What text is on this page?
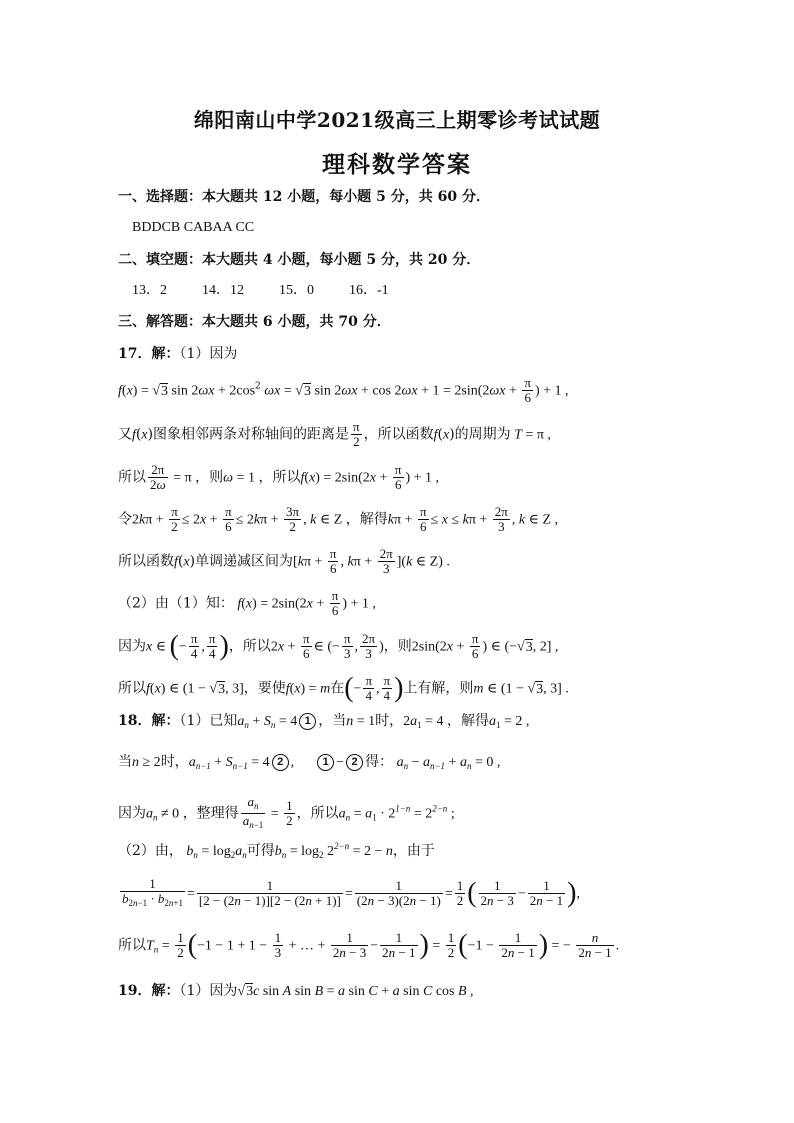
绵阳南山中学2021级高三上期零诊考试试题
理科数学答案
一、选择题：本大题共 12 小题，每小题 5 分，共 60 分．
BDDCB CABAA CC
二、填空题：本大题共 4 小题，每小题 5 分，共 20 分．
13．2          14．12          15．0          16．-1
三、解答题：本大题共 6 小题，共 70 分．
17．解：（1）因为
f(x) = √3 $\sin 2\omega x + 2\cos^2$ ωx = √3 $\sin 2\omega x + \cos 2\omega x + 1 = 2\sin(2\omega x + \frac{\pi}{6}$ ) + 1 ,
又f(x)图象相邻两条对称轴间的距离是 $\frac{\pi}{2}$ ，所以函数f(x)的周期为 T = π ,
所以 $\frac{2\pi}{2\omega} = \pi$ ，则ω = 1 ，所以$f(x) = 2\sin(2x + \frac{\pi}{6}$ ) + 1 ,
令$2k\pi + \frac{\pi}{2} \le 2x + \frac{\pi}{6} \le 2k\pi + \frac{3\pi}{2}$ , k ∈ Z ，解得$k\pi + \frac{\pi}{6} \le x \le k\pi + \frac{2\pi}{3}$ , k ∈ Z ,
所以函数f(x)单调递减区间为[$k\pi + \frac{\pi}{6}$ , $k\pi + \frac{2\pi}{3} ](k$ ∈ Z) .
（2）由（1）知： $f(x) = 2\sin(2x + \frac{\pi}{6}$ ) + 1 ,
因为x ∈ (− $\frac{\pi}{4}$ , $\frac{\pi}{4}$ )，所以$2x + \frac{\pi}{6}$ ∈ (− $\frac{\pi}{3}$ , $\frac{2\pi}{3}$ )，则$2\sin(2x + \frac{\pi}{6}$ ) ∈ (−√3, 2] ,
所以f(x) ∈ (1 − √3, 3]，要使f(x) = m在(− $\frac{\pi}{4}$ , $\frac{\pi}{4}$ )上有解，则m ∈ (1 − √3, 3] .
18．解：（1）已知$a_n + S_n = 4$ 1 ，当n = 1时，$2a_1 = 4$ ，解得$a_1 = 2$ ,
当n ≥ 2时，$a_{n-1} + S_{n-1} = 4$ 2 ,      1 − 2 得： $a_n - a_{n-1} + a_n = 0$ ,
因为$a_n \ne 0$ ，整理得 $\frac{a_n}{a_{n-1}} = \frac{1}{2}$ ，所以$a_n = a_1 \cdot 2^{1-n} = 2^{2-n}$ ;
（2）由， $b_n = \log_2a_n$可得$b_n = \log_2 2^{2-n} = 2 - n$，由于
$\frac{1}{b_{2n-1} \cdot b_{2n+1}} = \frac{1}{[2 - (2n - 1)][2 - (2n + 1)]} = \frac{1}{(2n - 3)(2n - 1)} = \frac{1}{2}$ ( $\frac{1}{2n - 3} - \frac{1}{2n - 1}$ ),
所以$T_n = \frac{1}{2} (-1 - 1 + 1 - \frac{1}{3}$ + … + $\frac{1}{2n - 3} - \frac{1}{2n - 1}$ ) = $\frac{1}{2} (-1 - \frac{1}{2n - 1}$ ) = − $\frac{n}{2n - 1}$ .
19．解：（1）因为√3c sin A sin B = a sin C + a sin C cos B ,
